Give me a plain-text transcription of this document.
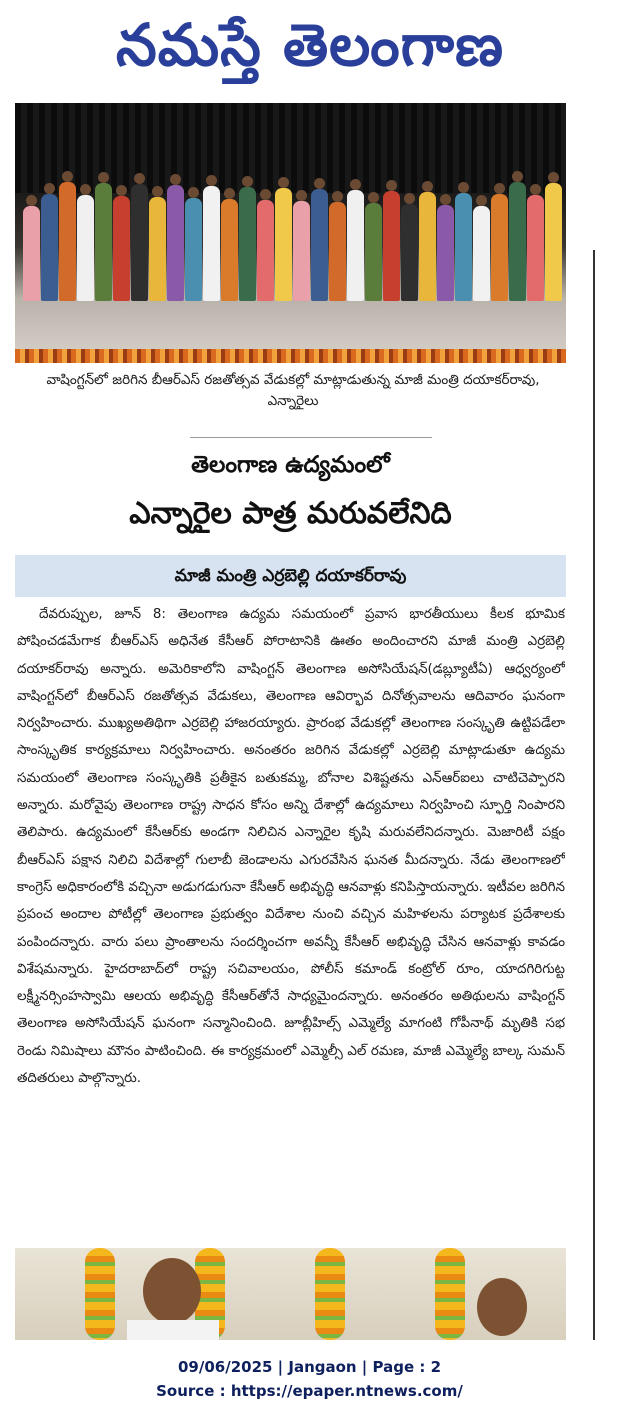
నమస్తే తెలంగాణ
వాషింగ్టన్‌లో జరిగిన బీఆర్‌ఎస్ రజతోత్సవ వేడుకల్లో మాట్లాడుతున్న మాజీ మంత్రి దయాకర్‌రావు, ఎన్నారైలు
తెలంగాణ ఉద్యమంలో
ఎన్నారైల పాత్ర మరువలేనిది
మాజీ మంత్రి ఎర్రబెల్లి దయాకర్‌రావు
దేవరుప్పుల, జూన్ 8: తెలంగాణ ఉద్యమ సమయంలో ప్రవాస భారతీయులు కీలక భూమిక పోషించడమేగాక బీఆర్‌ఎస్ అధినేత కేసీఆర్ పోరాటానికి ఊతం అందించారని మాజీ మంత్రి ఎర్రబెల్లి దయాకర్‌రావు అన్నారు. అమెరికాలోని వాషింగ్టన్ తెలంగాణ అసోసియేషన్(డబ్ల్యూటీఏ) ఆధ్వర్యంలో వాషింగ్టన్‌లో బీఆర్‌ఎస్ రజతోత్సవ వేడుకలు, తెలంగాణ ఆవిర్భావ దినోత్సవాలను ఆదివారం ఘనంగా నిర్వహించారు. ముఖ్యఅతిథిగా ఎర్రబెల్లి హాజరయ్యారు. ప్రారంభ వేడుకల్లో తెలంగాణ సంస్కృతి ఉట్టిపడేలా సాంస్కృతిక కార్యక్రమాలు నిర్వహించారు. అనంతరం జరిగిన వేడుకల్లో ఎర్రబెల్లి మాట్లాడుతూ ఉద్యమ సమయంలో తెలంగాణ సంస్కృతికి ప్రతీకైన బతుకమ్మ, బోనాల విశిష్టతను ఎన్‌ఆర్‌ఐలు చాటిచెప్పారని అన్నారు. మరోవైపు తెలంగాణ రాష్ట్ర సాధన కోసం అన్ని దేశాల్లో ఉద్యమాలు నిర్వహించి స్ఫూర్తి నింపారని తెలిపారు. ఉద్యమంలో కేసీఆర్‌కు అండగా నిలిచిన ఎన్నారైల కృషి మరువలేనిదన్నారు. మెజారిటీ పక్షం బీఆర్‌ఎస్ పక్షాన నిలిచి విదేశాల్లో గులాబీ జెండాలను ఎగురవేసిన ఘనత మీదన్నారు. నేడు తెలంగాణలో కాంగ్రెస్ అధికారంలోకి వచ్చినా అడుగడుగునా కేసీఆర్ అభివృద్ధి ఆనవాళ్లు కనిపిస్తాయన్నారు. ఇటీవల జరిగిన ప్రపంచ అందాల పోటీల్లో తెలంగాణ ప్రభుత్వం విదేశాల నుంచి వచ్చిన మహిళలను పర్యాటక ప్రదేశాలకు పంపిందన్నారు. వారు పలు ప్రాంతాలను సందర్శించగా అవన్నీ కేసీఆర్ అభివృద్ధి చేసిన ఆనవాళ్లు కావడం విశేషమన్నారు. హైదరాబాద్‌లో రాష్ట్ర సచివాలయం, పోలీస్ కమాండ్ కంట్రోల్ రూం, యాదగిరిగుట్ట లక్ష్మీనర్సింహస్వామి ఆలయ అభివృద్ధి కేసీఆర్‌తోనే సాధ్యమైందన్నారు. అనంతరం అతిథులను వాషింగ్టన్ తెలంగాణ అసోసియేషన్ ఘనంగా సన్మానించింది. జూబ్లీహిల్స్ ఎమ్మెల్యే మాగంటి గోపీనాథ్ మృతికి సభ రెండు నిమిషాలు మౌనం పాటించింది. ఈ కార్యక్రమంలో ఎమ్మెల్సీ ఎల్ రమణ, మాజీ ఎమ్మెల్యే బాల్క సుమన్ తదితరులు పాల్గొన్నారు.
09/06/2025 | Jangaon | Page : 2
Source : https://epaper.ntnews.com/
